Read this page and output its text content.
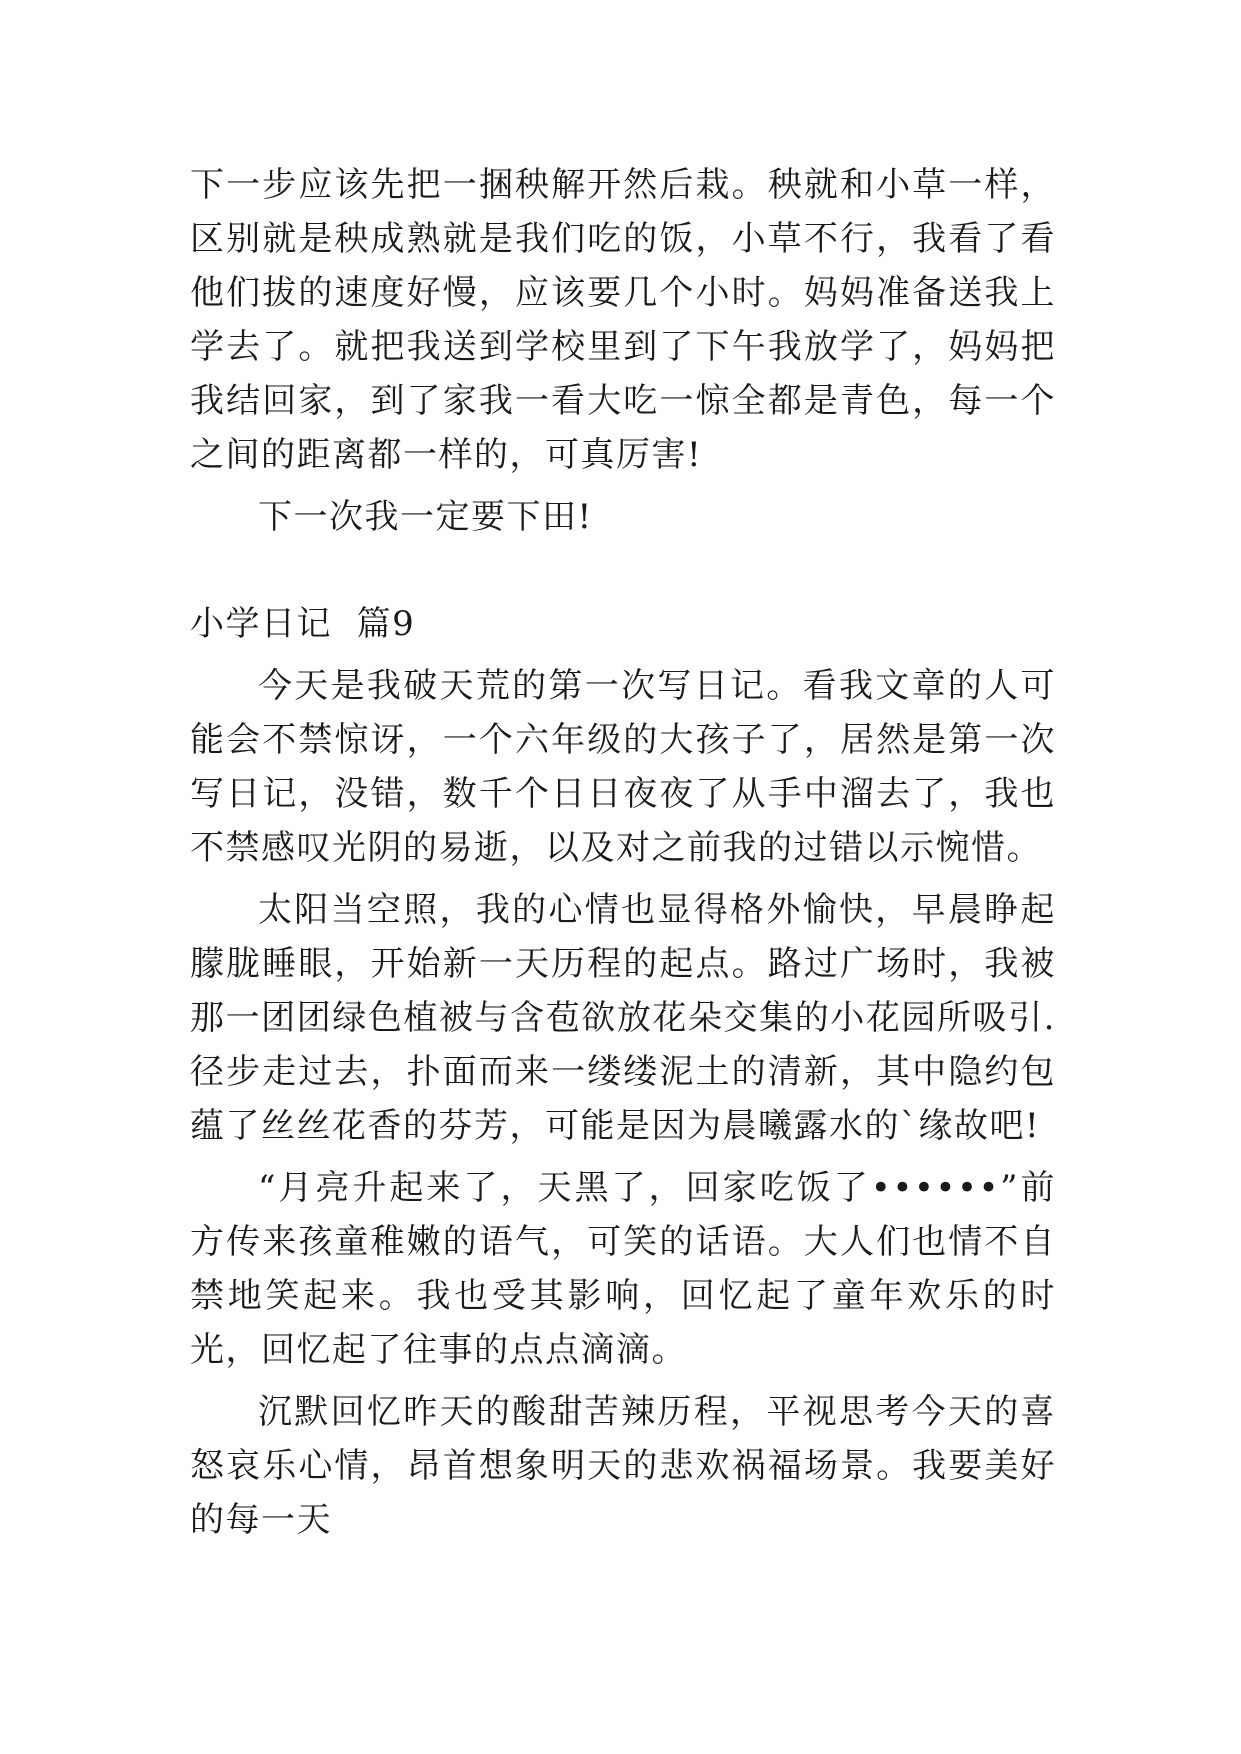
下一步应该先把一捆秧解开然后栽。秧就和小草一样，区别就是秧成熟就是我们吃的饭，小草不行，我看了看他们拔的速度好慢，应该要几个小时。妈妈准备送我上学去了。就把我送到学校里到了下午我放学了，妈妈把我结回家，到了家我一看大吃一惊全都是青色，每一个之间的距离都一样的，可真厉害!

下一次我一定要下田!

小学日记  篇9

今天是我破天荒的第一次写日记。看我文章的人可能会不禁惊讶，一个六年级的大孩子了，居然是第一次写日记，没错，数千个日日夜夜了从手中溜去了，我也不禁感叹光阴的易逝，以及对之前我的过错以示惋惜。

太阳当空照，我的心情也显得格外愉快，早晨睁起朦胧睡眼，开始新一天历程的起点。路过广场时，我被那一团团绿色植被与含苞欲放花朵交集的小花园所吸引.径步走过去，扑面而来一缕缕泥土的清新，其中隐约包蕴了丝丝花香的芬芳，可能是因为晨曦露水的`缘故吧!

“月亮升起来了，天黑了，回家吃饭了••••••”前方传来孩童稚嫩的语气，可笑的话语。大人们也情不自禁地笑起来。我也受其影响，回忆起了童年欢乐的时光，回忆起了往事的点点滴滴。

沉默回忆昨天的酸甜苦辣历程，平视思考今天的喜怒哀乐心情，昂首想象明天的悲欢祸福场景。我要美好的每一天
